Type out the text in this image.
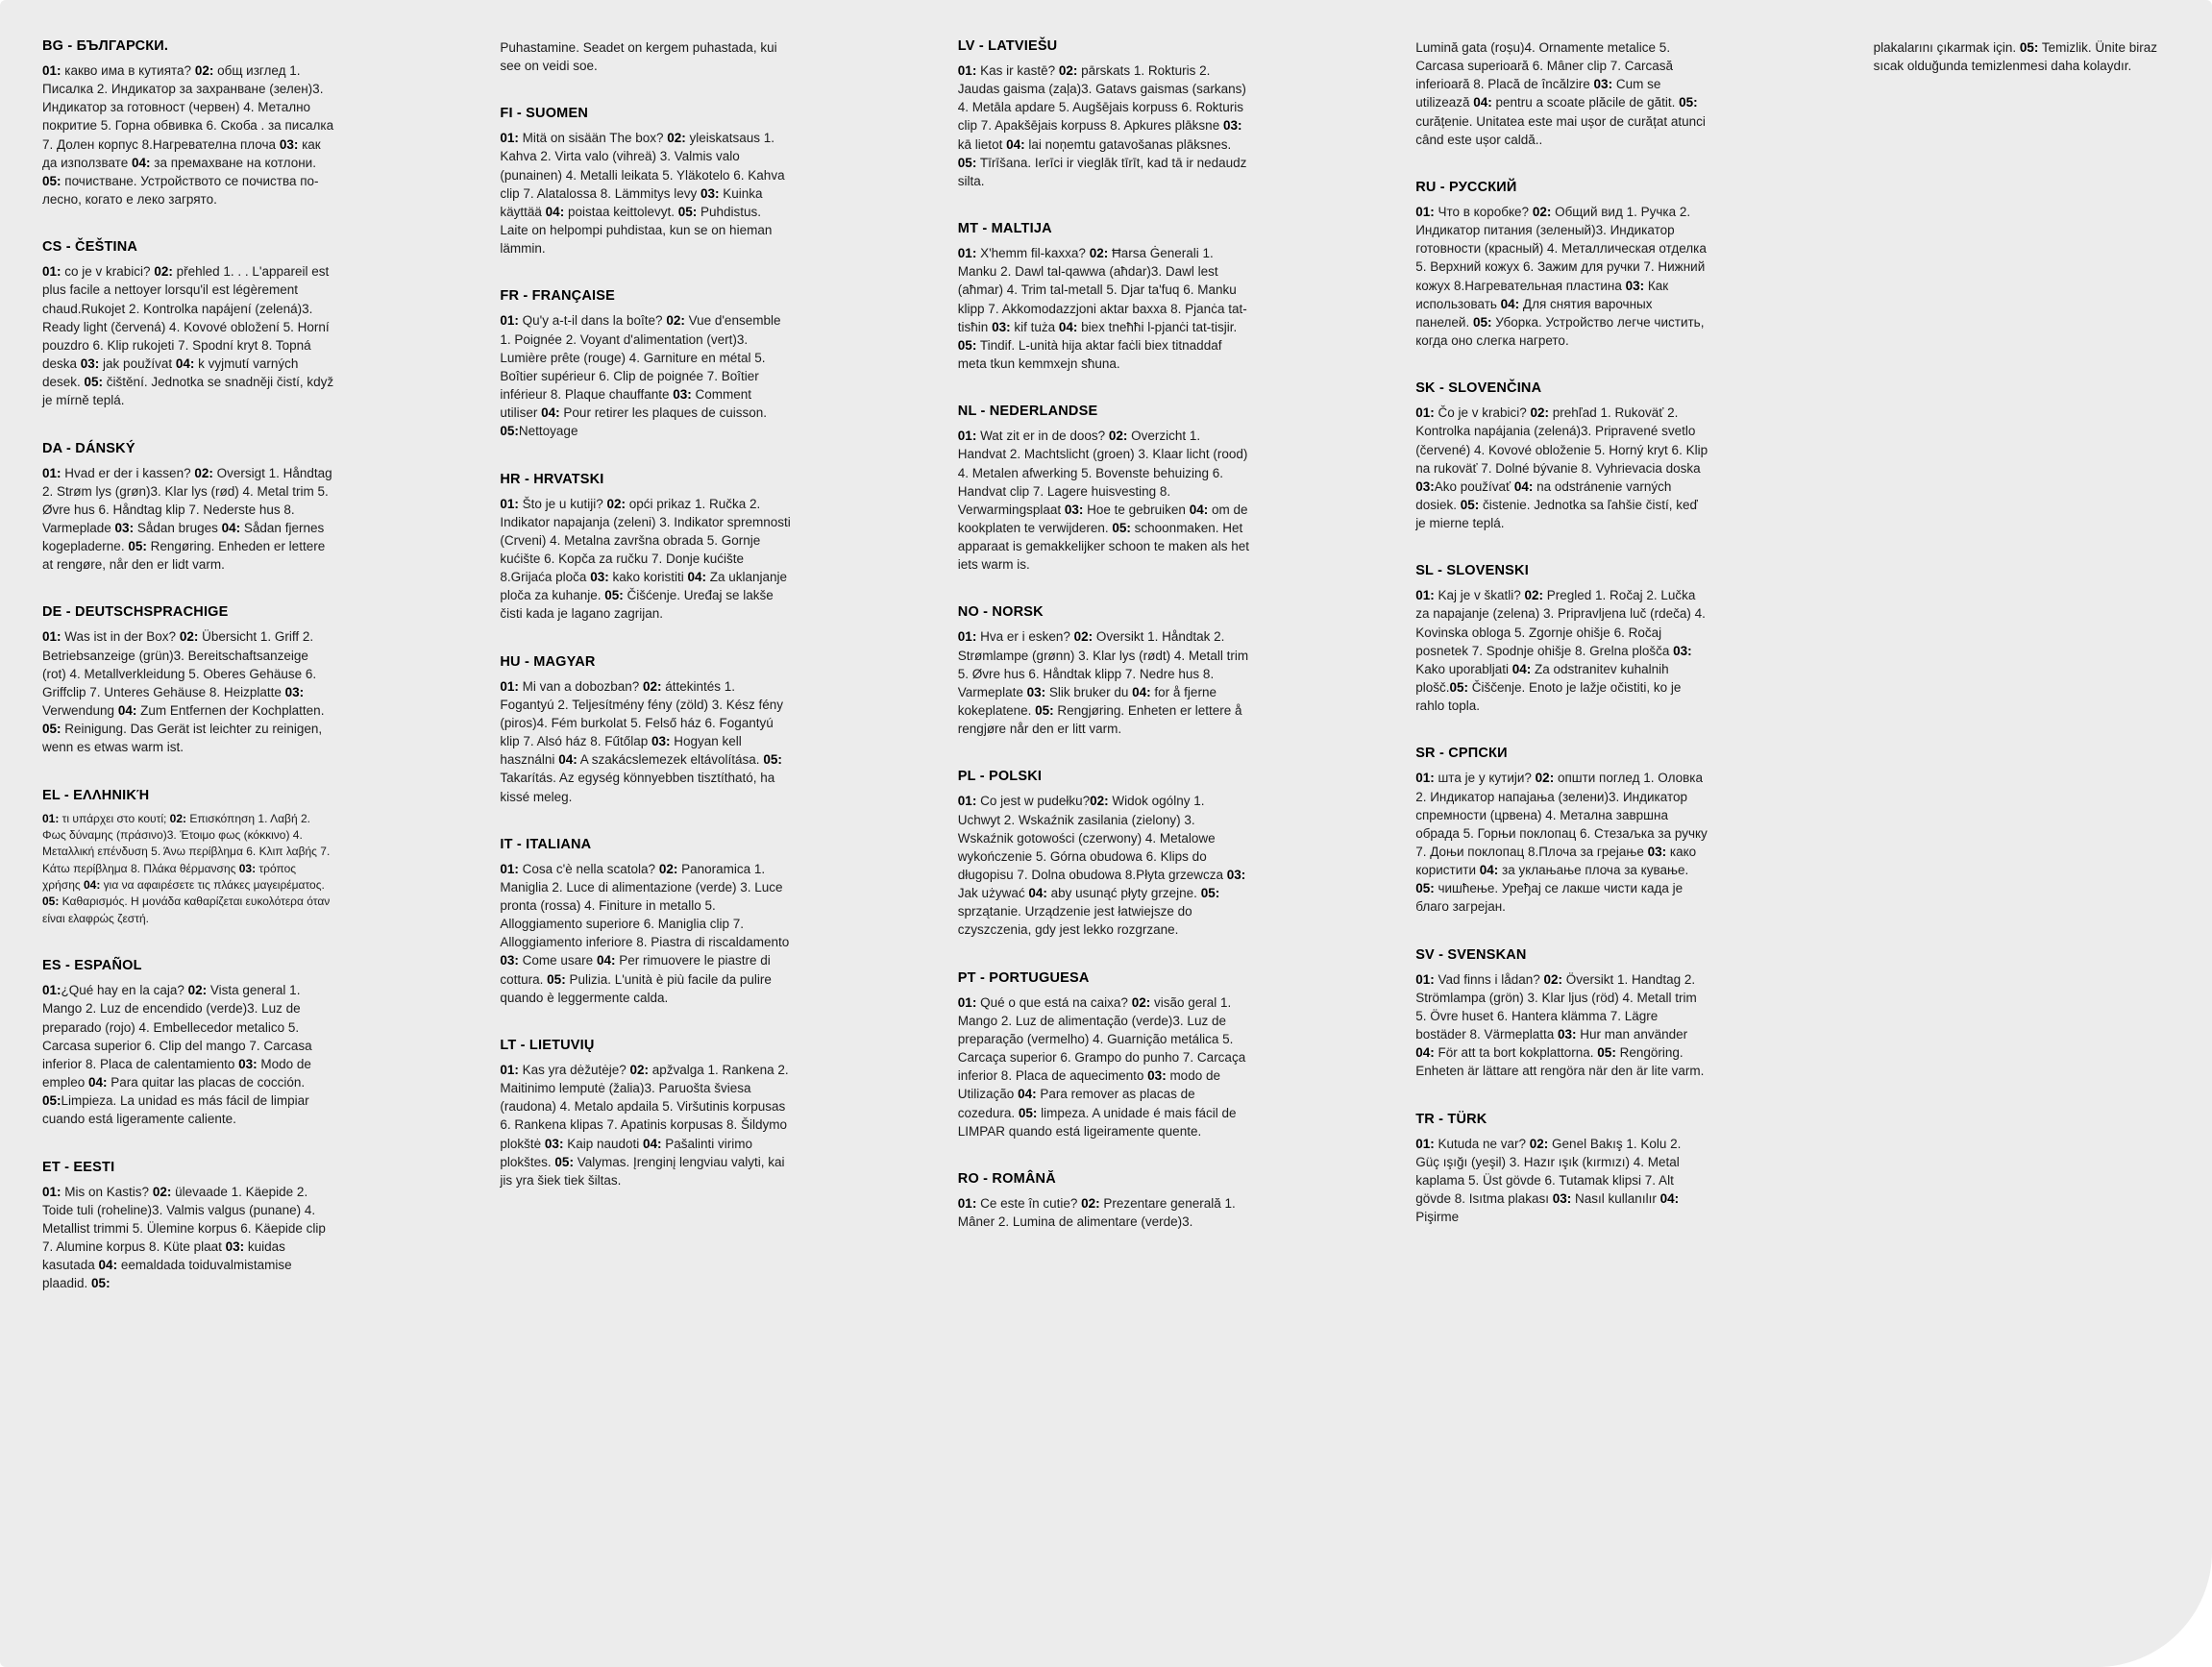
BG - БЪЛГАРСКИ.

01: какво има в кутията? 02: общ изглед 1. Писалка 2. Индикатор за захранване (зелен)3. Индикатор за готовност (червен) 4. Метално покритие 5. Горна обвивка 6. Скоба . за писалка 7. Долен корпус 8.Нагревателна плоча 03: как да използвате 04: за премахване на котлони. 05: почистване. Устройството се почиства по-лесно, когато е леко загрято.

CS - ČEŠTINA

01: co je v krabici? 02: přehled 1. . . L'appareil est plus facile a nettoyer lorsqu'il est légèrement chaud.Rukojet 2. Kontrolka napájení (zelená)3. Ready light (červená) 4. Kovové obložení 5. Horní pouzdro 6. Klip rukojeti 7. Spodní kryt 8. Topná deska 03: jak používat 04: k vyjmutí varných desek. 05: čištění. Jednotka se snadněji čistí, když je mírně teplá.

DA - DÁNSKÝ

01: Hvad er der i kassen? 02: Oversigt 1. Håndtag 2. Strøm lys (grøn)3. Klar lys (rød) 4. Metal trim 5. Øvre hus 6. Håndtag klip 7. Nederste hus 8. Varmeplade 03: Sådan bruges 04: Sådan fjernes kogepladerne. 05: Rengøring. Enheden er lettere at rengøre, når den er lidt varm.

DE - DEUTSCHSPRACHIGE

01: Was ist in der Box? 02: Übersicht 1. Griff 2. Betriebsanzeige (grün)3. Bereitschaftsanzeige (rot) 4. Metallverkleidung 5. Oberes Gehäuse 6. Griffclip 7. Unteres Gehäuse 8. Heizplatte 03: Verwendung 04: Zum Entfernen der Kochplatten. 05: Reinigung. Das Gerät ist leichter zu reinigen, wenn es etwas warm ist.

EL - ΕΛΛΗΝΙΚΉ

01: τι υπάρχει στο κουτί; 02: Επισκόπηση 1. Λαβή 2. Φως δύναμης (πράσινο)3. Έτοιμο φως (κόκκινο) 4. Μεταλλική επένδυση 5. Άνω περίβλημα 6. Κλιπ λαβής 7. Κάτω περίβλημα 8. Πλάκα θέρμανσης 03: τρόπος χρήσης 04: για να αφαιρέσετε τις πλάκες μαγειρέματος. 05: Καθαρισμός. Η μονάδα καθαρίζεται ευκολότερα όταν είναι ελαφρώς ζεστή.

ES - ESPAÑOL

01:¿Qué hay en la caja? 02: Vista general 1. Mango 2. Luz de encendido (verde)3. Luz de preparado (rojo) 4. Embellecedor metalico 5. Carcasa superior 6. Clip del mango 7. Carcasa inferior 8. Placa de calentamiento 03: Modo de empleo 04: Para quitar las placas de cocción. 05:Limpieza. La unidad es más fácil de limpiar cuando está ligeramente caliente.

ET - EESTI

01: Mis on Kastis? 02: ülevaade 1. Käepide 2. Toide tuli (roheline)3. Valmis valgus (punane) 4. Metallist trimmi 5. Ülemine korpus 6. Käepide clip 7. Alumine korpus 8. Küte plaat 03: kuidas kasutada 04: eemaldada toiduvalmistamise plaadid. 05:

Puhastamine. Seadet on kergem puhastada, kui see on veidi soe.

FI - SUOMEN

01: Mitä on sisään The box? 02: yleiskatsaus 1. Kahva 2. Virta valo (vihreä) 3. Valmis valo (punainen) 4. Metalli leikata 5. Yläkotelo 6. Kahva clip 7. Alatalossa 8. Lämmitys levy 03: Kuinka käyttää 04: poistaa keittolevyt. 05: Puhdistus. Laite on helpompi puhdistaa, kun se on hieman lämmin.

FR - FRANÇAISE

01: Qu'y a-t-il dans la boîte? 02: Vue d'ensemble 1. Poignée 2. Voyant d'alimentation (vert)3. Lumière prête (rouge) 4. Garniture en métal 5. Boîtier supérieur 6. Clip de poignée 7. Boîtier inférieur 8. Plaque chauffante 03: Comment utiliser 04: Pour retirer les plaques de cuisson. 05:Nettoyage

HR - HRVATSKI

01: Što je u kutiji? 02: opći prikaz 1. Ručka 2. Indikator napajanja (zeleni) 3. Indikator spremnosti (Crveni) 4. Metalna završna obrada 5. Gornje kućište 6. Kopča za ručku 7. Donje kućište 8.Grijaća ploča 03: kako koristiti 04: Za uklanjanje ploča za kuhanje. 05: Čišćenje. Uređaj se lakše čisti kada je lagano zagrijan.

HU - MAGYAR

01: Mi van a dobozban? 02: áttekintés 1. Fogantyú 2. Teljesítmény fény (zöld) 3. Kész fény (piros)4. Fém burkolat 5. Felső ház 6. Fogantyú klip 7. Alsó ház 8. Fűtőlap 03: Hogyan kell használni 04: A szakácslemezek eltávolítása. 05: Takarítás. Az egység könnyebben tisztítható, ha kissé meleg.

IT - ITALIANA

01: Cosa c'è nella scatola? 02: Panoramica 1. Maniglia 2. Luce di alimentazione (verde) 3. Luce pronta (rossa) 4. Finiture in metallo 5. Alloggiamento superiore 6. Maniglia clip 7. Alloggiamento inferiore 8. Piastra di riscaldamento 03: Come usare 04: Per rimuovere le piastre di cottura. 05: Pulizia. L'unità è più facile da pulire quando è leggermente calda.

LT - LIETUVIŲ

01: Kas yra dėžutėje? 02: apžvalga 1. Rankena 2. Maitinimo lemputė (žalia)3. Paruošta šviesa (raudona) 4. Metalo apdaila 5. Viršutinis korpusas 6. Rankena klipas 7. Apatinis korpusas 8. Šildymo plokštė 03: Kaip naudoti 04: Pašalinti virimo plokštes. 05: Valymas. Įrenginį lengviau valyti, kai jis yra šiek tiek šiltas.

LV - LATVIEŠU

01: Kas ir kastē? 02: pārskats 1. Rokturis 2. Jaudas gaisma (zaļa)3. Gatavs gaismas (sarkans) 4. Metāla apdare 5. Augšējais korpuss 6. Rokturis clip 7. Apakšējais korpuss 8. Apkures plāksne 03: kā lietot 04: lai noņemtu gatavošanas plāksnes. 05: Tīrīšana. Ierīci ir vieglāk tīrīt, kad tā ir nedaudz silta.

MT - MALTIJA

01: X'hemm fil-kaxxa? 02: Ħarsa Ġenerali 1. Manku 2. Dawl tal-qawwa (aħdar)3. Dawl lest (aħmar) 4. Trim tal-metall 5. Djar ta'fuq 6. Manku klipp 7. Akkomodazzjoni aktar baxxa 8. Pjanċa tat-tisħin 03: kif tuża 04: biex tneħħi l-pjanċi tat-tisjir. 05: Tindif. L-unità hija aktar faċli biex titnaddaf meta tkun kemmxejn sħuna.

NL - NEDERLANDSE

01: Wat zit er in de doos? 02: Overzicht 1. Handvat 2. Machtslicht (groen) 3. Klaar licht (rood) 4. Metalen afwerking 5. Bovenste behuizing 6. Handvat clip 7. Lagere huisvesting 8. Verwarmingsplaat 03: Hoe te gebruiken 04: om de kookplaten te verwijderen. 05: schoonmaken. Het apparaat is gemakkelijker schoon te maken als het iets warm is.

NO - NORSK

01: Hva er i esken? 02: Oversikt 1. Håndtak 2. Strømlampe (grønn) 3. Klar lys (rødt) 4. Metall trim 5. Øvre hus 6. Håndtak klipp 7. Nedre hus 8. Varmeplate 03: Slik bruker du 04: for å fjerne kokeplatene. 05: Rengjøring. Enheten er lettere å rengjøre når den er litt varm.

PL - POLSKI

01: Co jest w pudełku?02: Widok ogólny 1. Uchwyt 2. Wskaźnik zasilania (zielony) 3. Wskaźnik gotowości (czerwony) 4. Metalowe wykończenie 5. Górna obudowa 6. Klips do długopisu 7. Dolna obudowa 8.Płyta grzewcza 03: Jak używać 04: aby usunąć płyty grzejne. 05: sprzątanie. Urządzenie jest łatwiejsze do czyszczenia, gdy jest lekko rozgrzane.

PT - PORTUGUESA

01: Qué o que está na caixa? 02: visão geral 1. Mango 2. Luz de alimentação (verde)3. Luz de preparação (vermelho) 4. Guarnição metálica 5. Carcaça superior 6. Grampo do punho 7. Carcaça inferior 8. Placa de aquecimento 03: modo de Utilização 04: Para remover as placas de cozedura. 05: limpeza. A unidade é mais fácil de LIMPAR quando está ligeiramente quente.

RO - ROMÂNĂ

01: Ce este în cutie? 02: Prezentare generală 1. Mâner 2. Lumina de alimentare (verde)3.

Lumină gata (roșu)4. Ornamente metalice 5. Carcasa superioară 6. Mâner clip 7. Carcasă inferioară 8. Placă de încălzire 03: Cum se utilizează 04: pentru a scoate plăcile de gătit. 05: curățenie. Unitatea este mai ușor de curățat atunci când este ușor caldă..

RU - РУССКИЙ

01: Что в коробке? 02: Общий вид 1. Ручка 2. Индикатор питания (зеленый)3. Индикатор готовности (красный) 4. Металлическая отделка 5. Верхний кожух 6. Зажим для ручки 7. Нижний кожух 8.Нагревательная пластина 03: Как использовать 04: Для снятия варочных панелей. 05: Уборка. Устройство легче чистить, когда оно слегка нагрето.

SK - SLOVENČINA

01: Čo je v krabici? 02: prehľad 1. Rukoväť 2. Kontrolka napájania (zelená)3. Pripravené svetlo (červené) 4. Kovové obloženie 5. Horný kryt 6. Klip na rukoväť 7. Dolné bývanie 8. Vyhrievacia doska 03:Ako používať 04: na odstránenie varných dosiek. 05: čistenie. Jednotka sa ľahšie čistí, keď je mierne teplá.

SL - SLOVENSKI

01: Kaj je v škatli? 02: Pregled 1. Ročaj 2. Lučka za napajanje (zelena) 3. Pripravljena luč (rdeča) 4. Kovinska obloga 5. Zgornje ohišje 6. Ročaj posnetek 7. Spodnje ohišje 8. Grelna plošča 03: Kako uporabljati 04: Za odstranitev kuhalnih plošč.05: Čiščenje. Enoto je lažje očistiti, ko je rahlo topla.

SR - СРПСКИ

01: шта је у кутији? 02: општи поглед 1. Оловка 2. Индикатор напајања (зелени)3. Индикатор спремности (црвена) 4. Метална завршна обрада 5. Горњи поклопац 6. Стезаљка за ручку 7. Доњи поклопац 8.Плоча за грејање 03: како користити 04: за уклањање плоча за кување. 05: чишћење. Уређај се лакше чисти када је благо загрејан.

SV - SVENSKAN

01: Vad finns i lådan? 02: Översikt 1. Handtag 2. Strömlampa (grön) 3. Klar ljus (röd) 4. Metall trim 5. Övre huset 6. Hantera klämma 7. Lägre bostäder 8. Värmeplatta 03: Hur man använder 04: För att ta bort kokplattorna. 05: Rengöring. Enheten är lättare att rengöra när den är lite varm.

TR - TÜRK

01: Kutuda ne var? 02: Genel Bakış 1. Kolu 2. Güç ışığı (yeşil) 3. Hazır ışık (kırmızı) 4. Metal kaplama 5. Üst gövde 6. Tutamak klipsi 7. Alt gövde 8. Isıtma plakası 03: Nasıl kullanılır 04: Pişirme

plakalarını çıkarmak için. 05: Temizlik. Ünite biraz sıcak olduğunda temizlenmesi daha kolaydır.
